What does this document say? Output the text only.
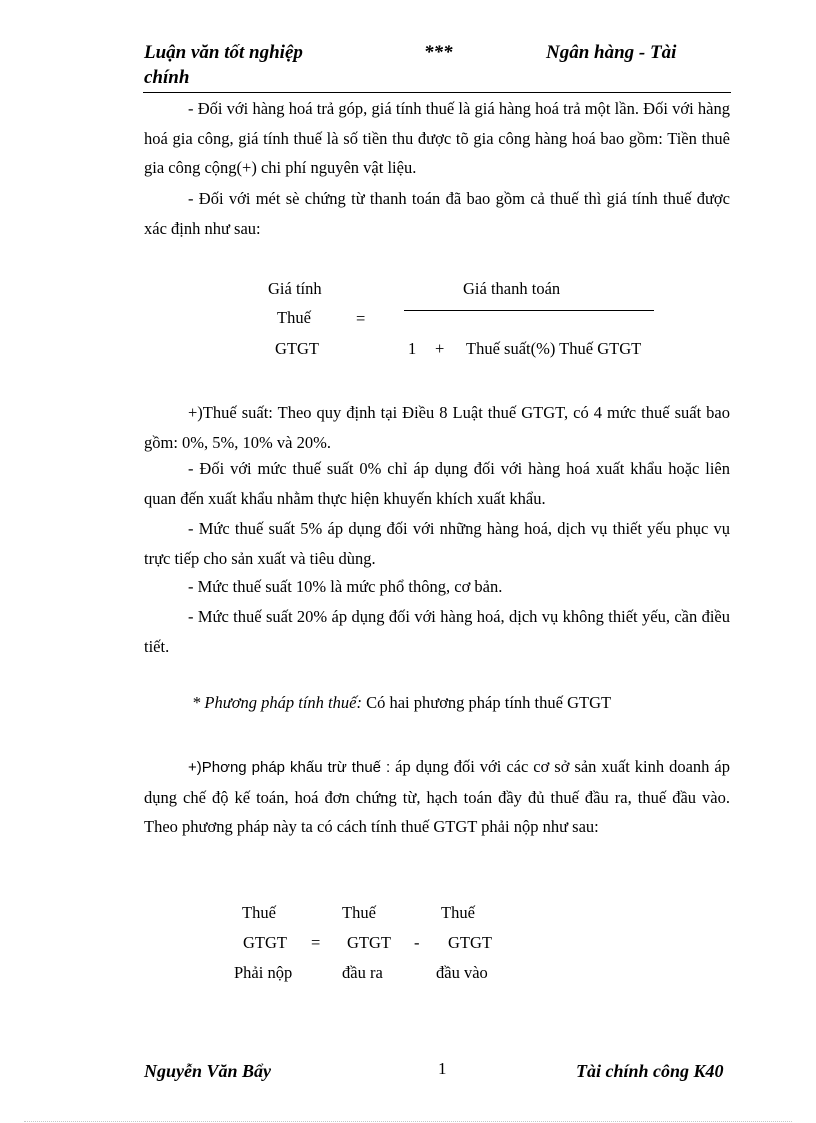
Luận văn tốt nghiệp
chính
***	Ngân hàng - Tài
- Đối với hàng hoá trả góp, giá tính thuế là giá hàng hoá trả một lần. Đối với hàng hoá gia công, giá tính thuế là số tiền thu được tõ gia công hàng hoá bao gồm: Tiền thuê gia công cộng(+) chi phí nguyên vật liệu.
- Đối với mét sè chứng từ thanh toán đã bao gồm cả thuế thì giá tính thuế được xác định như sau:
Giá tính
Thuế
GTGT
=
Giá thanh toán
1 + Thuế suất(%) Thuế GTGT
+)Thuế suất: Theo quy định tại Điều 8 Luật thuế GTGT, có 4 mức thuế suất bao gồm: 0%, 5%, 10% và 20%.
- Đối với mức thuế suất 0% chỉ áp dụng đối với hàng hoá xuất khẩu hoặc liên quan đến xuất khẩu nhằm thực hiện khuyến khích xuất khẩu.
- Mức thuế suất 5% áp dụng đối với những hàng hoá, dịch vụ thiết yếu phục vụ trực tiếp cho sản xuất và tiêu dùng.
- Mức thuế suất 10% là mức phổ thông, cơ bản.
- Mức thuế suất 20% áp dụng đối với hàng hoá, dịch vụ không thiết yếu, cần điều tiết.
* Phương pháp tính thuế: Có hai phương pháp tính thuế GTGT
+)Phơng pháp khấu trừ thuế : áp dụng đối với các cơ sở sản xuất kinh doanh áp dụng chế độ kế toán, hoá đơn chứng từ, hạch toán đầy đủ thuế đầu ra, thuế đầu vào. Theo phương pháp này ta có cách tính thuế GTGT phải nộp như sau:
Thuế
GTGT
Phải nộp
=
Thuế
GTGT
đầu ra
-
Thuế
GTGT
đầu vào
Nguyễn Văn Bẩy	1	Tài chính công K40
